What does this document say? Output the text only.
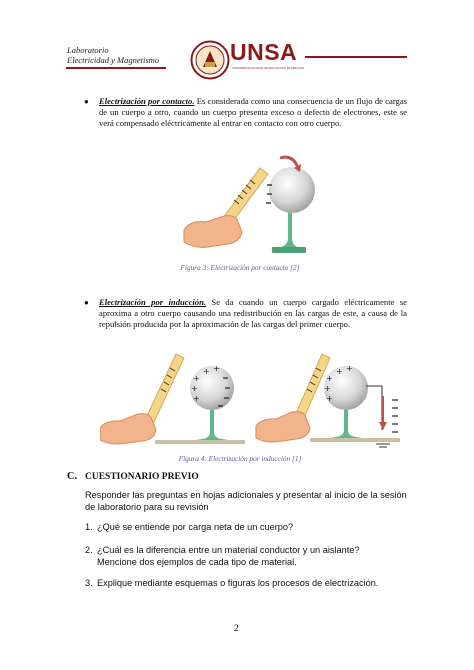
Laboratorio
Electricidad y Magnetismo	UNSA
UNIVERSIDAD NACIONAL DE SAN AGUSTIN DE AREQUIPA
● Electrización por contacto. Es considerada como una consecuencia de un flujo de cargas de un cuerpo a otro, cuando un cuerpo presenta exceso o defecto de electrones, este se verá compensado eléctricamente al entrar en contacto con otro cuerpo.

Figura 3: Electrización por contacto [2]
● Electrización por inducción. Se da cuando un cuerpo cargado eléctricamente se aproxima a otro cuerpo causando una redistribución en las cargas de este, a causa de la repulsión producida por la aproximación de las cargas del primer cuerpo.

+
+
+
+ +
+
+
+
+ +
Figura 4: Electrización por inducción [1]
C. CUESTIONARIO PREVIO
Responder las preguntas en hojas adicionales y presentar al inicio de la sesión de laboratorio para su revisión
1. ¿Qué se entiende por carga neta de un cuerpo?
2. ¿Cuál es la diferencia entre un material conductor y un aislante? Mencione dos ejemplos de cada tipo de material.
3. Explique mediante esquemas o figuras los procesos de electrización.
2
